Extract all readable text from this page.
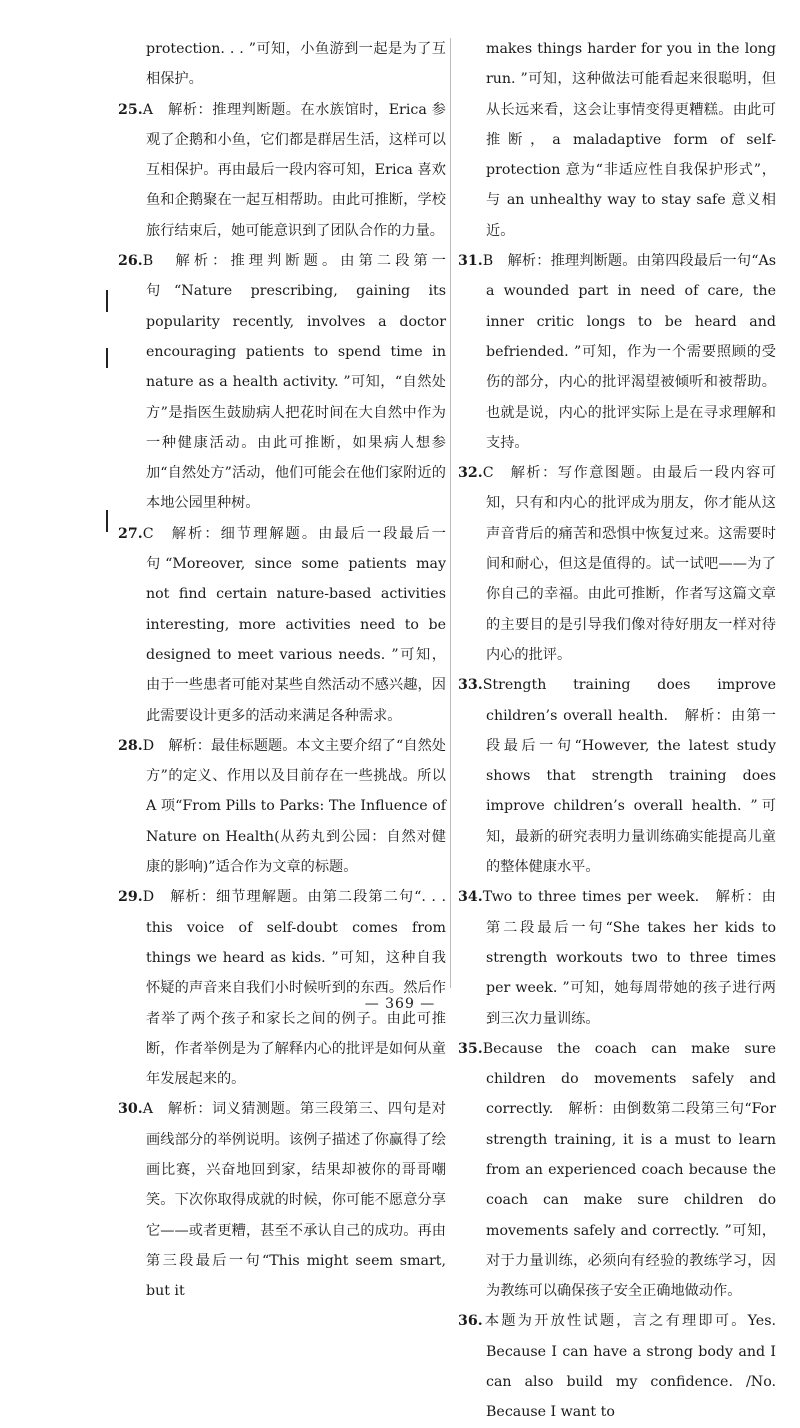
protection. . . ”可知，小鱼游到一起是为了互相保护。

25.A　解析：推理判断题。在水族馆时，Erica 参观了企鹅和小鱼，它们都是群居生活，这样可以互相保护。再由最后一段内容可知，Erica 喜欢鱼和企鹅聚在一起互相帮助。由此可推断，学校旅行结束后，她可能意识到了团队合作的力量。

26.B　解析：推理判断题。由第二段第一句“Nature prescribing, gaining its popularity recently, involves a doctor encouraging patients to spend time in nature as a health activity. ”可知，“自然处方”是指医生鼓励病人把花时间在大自然中作为一种健康活动。由此可推断，如果病人想参加“自然处方”活动，他们可能会在他们家附近的本地公园里种树。

27.C　解析：细节理解题。由最后一段最后一句“Moreover, since some patients may not find certain nature-based activities interesting, more activities need to be designed to meet various needs. ”可知，由于一些患者可能对某些自然活动不感兴趣，因此需要设计更多的活动来满足各种需求。

28.D　解析：最佳标题题。本文主要介绍了“自然处方”的定义、作用以及目前存在一些挑战。所以 A 项“From Pills to Parks: The Influence of Nature on Health(从药丸到公园：自然对健康的影响)”适合作为文章的标题。

29.D　解析：细节理解题。由第二段第二句“. . . this voice of self-doubt comes from things we heard as kids. ”可知，这种自我怀疑的声音来自我们小时候听到的东西。然后作者举了两个孩子和家长之间的例子。由此可推断，作者举例是为了解释内心的批评是如何从童年发展起来的。

30.A　解析：词义猜测题。第三段第三、四句是对画线部分的举例说明。该例子描述了你赢得了绘画比赛，兴奋地回到家，结果却被你的哥哥嘲笑。下次你取得成就的时候，你可能不愿意分享它——或者更糟，甚至不承认自己的成功。再由第三段最后一句“This might seem smart, but it

makes things harder for you in the long run. ”可知，这种做法可能看起来很聪明，但从长远来看，这会让事情变得更糟糕。由此可推断，a maladaptive form of self-protection 意为“非适应性自我保护形式”，与 an unhealthy way to stay safe 意义相近。

31.B　解析：推理判断题。由第四段最后一句“As a wounded part in need of care, the inner critic longs to be heard and befriended. ”可知，作为一个需要照顾的受伤的部分，内心的批评渴望被倾听和被帮助。也就是说，内心的批评实际上是在寻求理解和支持。

32.C　解析：写作意图题。由最后一段内容可知，只有和内心的批评成为朋友，你才能从这声音背后的痛苦和恐惧中恢复过来。这需要时间和耐心，但这是值得的。试一试吧——为了你自己的幸福。由此可推断，作者写这篇文章的主要目的是引导我们像对待好朋友一样对待内心的批评。

33.Strength training does improve children’s overall health.　解析：由第一段最后一句“However, the latest study shows that strength training does improve children’s overall health. ”可知，最新的研究表明力量训练确实能提高儿童的整体健康水平。

34.Two to three times per week.　解析：由第二段最后一句“She takes her kids to strength workouts two to three times per week. ”可知，她每周带她的孩子进行两到三次力量训练。

35.Because the coach can make sure children do movements safely and correctly.　解析：由倒数第二段第三句“For strength training, it is a must to learn from an experienced coach because the coach can make sure children do movements safely and correctly. ”可知，对于力量训练，必须向有经验的教练学习，因为教练可以确保孩子安全正确地做动作。

36.本题为开放性试题，言之有理即可。Yes. Because I can have a strong body and I can also build my confidence. /No. Because I want to

— 369 —
